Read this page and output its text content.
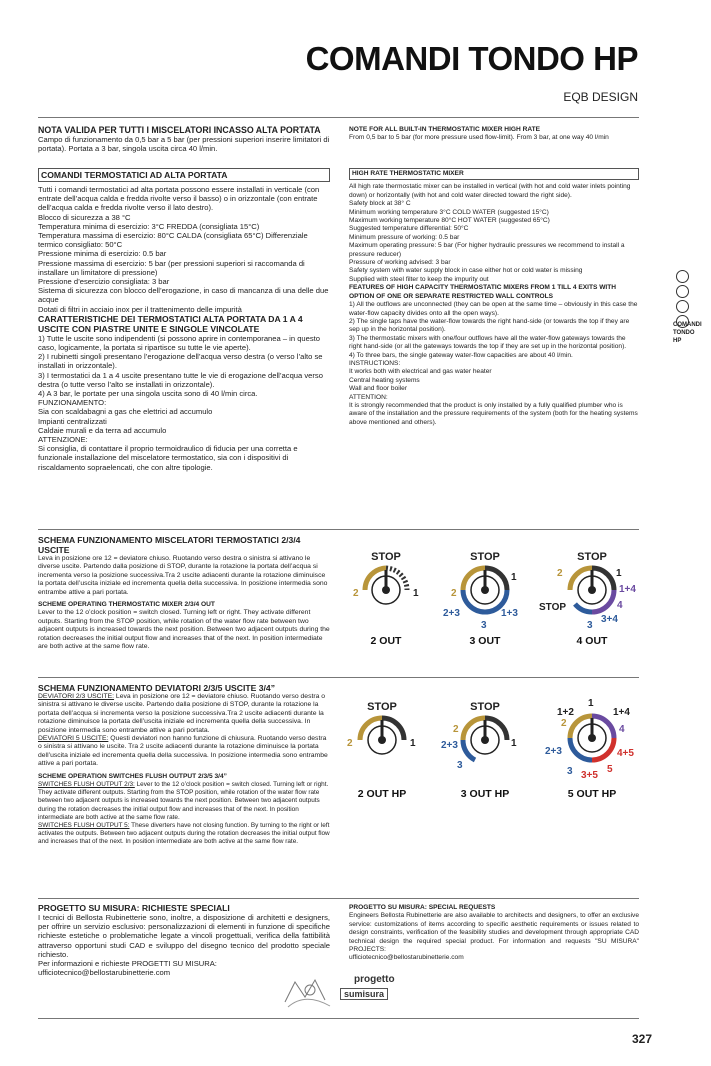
COMANDI TONDO HP
EQB DESIGN
COMANDI
TONDO
HP
NOTA VALIDA PER TUTTI I MISCELATORI INCASSO ALTA PORTATA
Campo di funzionamento da 0,5 bar a 5 bar (per pressioni superiori inserire limitatori di portata). Portata a 3 bar, singola uscita circa 40 l/min.
NOTE FOR ALL BUILT-IN THERMOSTATIC MIXER HIGH RATE
From 0,5 bar to 5 bar (for more pressure used flow-limit). From 3 bar, at one way 40 l/min
COMANDI TERMOSTATICI AD ALTA PORTATA

Tutti i comandi termostatici ad alta portata possono essere installati in verticale (con entrate dell’acqua calda e fredda rivolte verso il basso) o in orizzontale (con entrate dell’acqua calda e fredda rivolte verso il lato destro).

Blocco di sicurezza a 38 °C

Temperatura minima di esercizio: 3°C FREDDA (consigliata 15°C)

Temperatura massima di esercizio: 80°C CALDA (consigliata 65°C) Differenziale termico consigliato: 50°C

Pressione minima di esercizio: 0.5 bar

Pressione massima di esercizio: 5 bar (per pressioni superiori si raccomanda di installare un limitatore di pressione)

Pressione d’esercizio consigliata: 3 bar

Sistema di sicurezza con blocco dell’erogazione, in caso di mancanza di una delle due acque

Dotati di filtri in acciaio inox per il trattenimento delle impurità

CARATTERISTICHE DEI TERMOSTATICI ALTA PORTATA DA 1 A 4 USCITE CON PIASTRE UNITE E SINGOLE VINCOLATE

1) Tutte le uscite sono indipendenti (si possono aprire in contemporanea – in questo caso, logicamente, la portata si ripartisce su tutte le vie aperte).

2) I rubinetti singoli presentano l’erogazione dell’acqua verso destra (o verso l’alto se installati in orizzontale).

3) I termostatici da 1 a 4 uscite presentano tutte le vie di erogazione dell’acqua verso destra (o tutte verso l’alto se installati in orizzontale).

4) A 3 bar, le portate per una singola uscita sono di 40 l/min circa.

FUNZIONAMENTO:

Sia con scaldabagni a gas che elettrici ad accumulo

Impianti centralizzati

Caldaie murali e da terra ad accumulo

ATTENZIONE:

Si consiglia, di contattare il proprio termoidraulico di fiducia per una corretta e funzionale installazione del miscelatore termostatico, sia con i dispositivi di riscaldamento sopraelencati, che con altre tipologie.

HIGH RATE THERMOSTATIC MIXER

All high rate thermostatic mixer can be installed in vertical (with hot and cold water inlets pointing down) or horizontally (with hot and cold water directed toward the right side).

Safety block at 38° C

Minimum working temperature 3°C COLD WATER (suggested 15°C)

Maximum working temperature 80°C HOT WATER (suggested 65°C)

Suggested temperature differential: 50°C

Minimum pressure of working: 0.5 bar

Maximum operating pressure: 5 bar (For higher hydraulic pressures we recommend to install a pressure reducer)

Pressure of working advised: 3 bar

Safety system with water supply block in case either hot or cold water is missing

Supplied with steel filter to keep the impurity out

FEATURES OF HIGH CAPACITY THERMOSTATIC MIXERS FROM 1 TILL 4 EXITS WITH OPTION OF ONE OR SEPARATE RESTRICTED WALL CONTROLS

1) All the outflows are unconnected (they can be open at the same time – obviously in this case the water-flow capacity divides onto all the open ways).

2) The single taps have the water-flow towards the right hand-side (or towards the top if they are sep up in the horizontal position).

3) The thermostatic mixers with one/four outflows have all the water-flow gateways towards the right hand-side (or all the gateways towards the top if they are set up in the horizontal position).

4) To three bars, the single gateway water-flow capacities are about 40 l/min.

INSTRUCTIONS:

It works both with electrical and gas water heater

Central heating systems

Wall and floor boiler

ATTENTION:

It is strongly recommended that the product is only installed by a fully qualified plumber who is aware of the installation and the pressure requirements of the system (both for the heating systems above mentioned and others).

SCHEMA FUNZIONAMENTO MISCELATORI TERMOSTATICI 2/3/4 USCITE
Leva in posizione ore 12 = deviatore chiuso. Ruotando verso destra o sinistra si attivano le diverse uscite. Partendo dalla posizione di STOP, durante la rotazione la portata dell’acqua si incrementa verso la posizione successiva.Tra 2 uscite adiacenti durante la rotazione diminuisce la portata dell’uscita iniziale ed incrementa quella della successiva. In posizione intermedia sono entrambe attive a pari portata.
SCHEME OPERATING THERMOSTATIC MIXER 2/3/4 OUT
Lever to the 12 o’clock position = switch closed. Turning left or right. They activate different outputs. Starting from the STOP position, while rotation of the water flow rate between two adjacent outputs is increased towards the next position. Between two adjacent outputs during the rotation decreases the initial output flow and increases that of the next. In position intermediate are both active at the same flow rate.
STOP
2	1
2 OUT
STOP
2
1
2+3
3
1+3
3 OUT
STOP
2	1
1+4
4
3+4
3
STOP
4 OUT
SCHEMA FUNZIONAMENTO DEVIATORI 2/3/5 USCITE 3/4”
DEVIATORI 2/3 USCITE: Leva in posizione ore 12 = deviatore chiuso. Ruotando verso destra o sinistra si attivano le diverse uscite. Partendo dalla posizione di STOP, durante la rotazione la portata dell’acqua si incrementa verso la posizione successiva.Tra 2 uscite adiacenti durante la rotazione diminuisce la portata dell’uscita iniziale ed incrementa quella della successiva. In posizione intermedia sono entrambe attive a pari portata.
DEVIATORI 5 USCITE: Questi deviatori non hanno funzione di chiusura. Ruotando verso destra o sinistra si attivano le uscite. Tra 2 uscite adiacenti durante la rotazione diminuisce la portata dell’uscita iniziale ed incrementa quella della successiva. In posizione intermedia sono entrambe attive a pari portata.
SCHEME OPERATION SWITCHES FLUSH OUTPUT 2/3/5 3/4”
SWITCHES FLUSH OUTPUT 2/3: Lever to the 12 o’clock position = switch closed. Turning left or right. They activate different outputs. Starting from the STOP position, while rotation of the water flow rate between two adjacent outputs is increased towards the next position. Between two adjacent outputs during the rotation decreases the initial output flow and increases that of the next. In position intermediate are both active at the same flow rate.
SWITCHES FLUSH OUTPUT 5: These diverters have not closing function. By turning to the right or left activates the outputs. Between two adjacent outputs during the rotation decreases the initial output flow and increases that of the next. In position intermediate are both active at the same flow rate.
STOP
2	1
2 OUT HP
STOP
2
1
2+3
3
3 OUT HP
1
1+2
2
1+4
4
2+3	4+5
3 3+5
5
5 OUT HP
PROGETTO SU MISURA: RICHIESTE SPECIALI
I tecnici di Bellosta Rubinetterie sono, inoltre, a disposizione di architetti e designers, per offrire un servizio esclusivo: personalizzazioni di elementi in funzione di specifiche richieste estetiche o problematiche legate a vincoli progettuali, verifica della fattibilità attraverso opportuni studi CAD e sviluppo del disegno tecnico del prodotto speciale richiesto.
Per informazioni e richieste PROGETTI SU MISURA:
ufficiotecnico@bellostarubinetterie.com
PROGETTO SU MISURA: SPECIAL REQUESTS
Engineers Bellosta Rubinetterie are also available to architects and designers, to offer an exclusive service: customizations of items according to specific aesthetic requirements or issues related to design constraints, verification of the feasibility studies and development through appropriate CAD technical design the required special product. For information and requests "SU MISURA" PROJECTS:
ufficiotecnico@bellostarubinetterie.com
progetto
sumisura
327
